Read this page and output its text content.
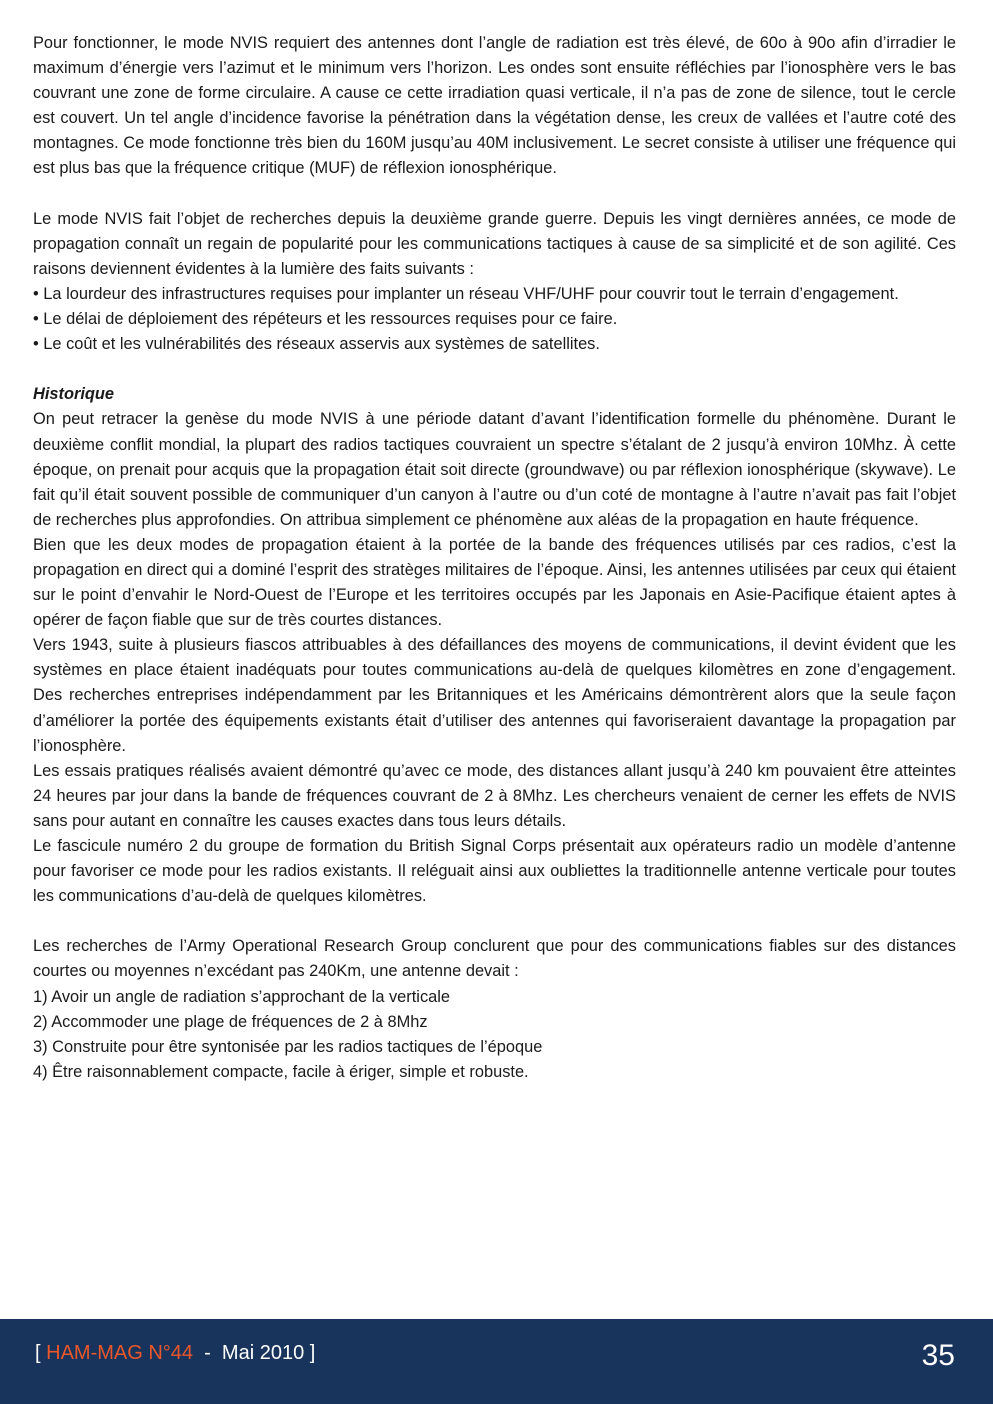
Pour fonctionner, le mode NVIS requiert des antennes dont l’angle de radiation est très élevé, de 60o à 90o afin d’irradier le maximum d’énergie vers l’azimut et le minimum vers l’horizon. Les ondes sont ensuite réfléchies par l’ionosphère vers le bas couvrant une zone de forme circulaire. A cause ce cette irradiation quasi verticale, il n’a pas de zone de silence, tout le cercle est couvert. Un tel angle d’incidence favorise la pénétration dans la végétation dense, les creux de vallées et l’autre coté des montagnes. Ce mode fonctionne très bien du 160M jusqu’au 40M inclusivement. Le secret consiste à utiliser une fréquence qui est plus bas que la fréquence critique (MUF) de réflexion ionosphérique.

Le mode NVIS fait l’objet de recherches depuis la deuxième grande guerre. Depuis les vingt dernières années, ce mode de propagation connaît un regain de popularité pour les communications tactiques à cause de sa simplicité et de son agilité. Ces raisons deviennent évidentes à la lumière des faits suivants :

• La lourdeur des infrastructures requises pour implanter un réseau VHF/UHF pour couvrir tout le terrain d’engagement.

• Le délai de déploiement des répéteurs et les ressources requises pour ce faire.

• Le coût et les vulnérabilités des réseaux asservis aux systèmes de satellites.

Historique

On peut retracer la genèse du mode NVIS à une période datant d’avant l’identification formelle du phénomène. Durant le deuxième conflit mondial, la plupart des radios tactiques couvraient un spectre s’étalant de 2 jusqu’à environ 10Mhz. À cette époque, on prenait pour acquis que la propagation était soit directe (groundwave) ou par réflexion ionosphérique (skywave). Le fait qu’il était souvent possible de communiquer d’un canyon à l’autre ou d’un coté de montagne à l’autre n’avait pas fait l’objet de recherches plus approfondies. On attribua simplement ce phénomène aux aléas de la propagation en haute fréquence.

Bien que les deux modes de propagation étaient à la portée de la bande des fréquences utilisés par ces radios, c’est la propagation en direct qui a dominé l’esprit des stratèges militaires de l’époque. Ainsi, les antennes utilisées par ceux qui étaient sur le point d’envahir le Nord-Ouest de l’Europe et les territoires occupés par les Japonais en Asie-Pacifique étaient aptes à opérer de façon fiable que sur de très courtes distances.

Vers 1943, suite à plusieurs fiascos attribuables à des défaillances des moyens de communications, il devint évident que les systèmes en place étaient inadéquats pour toutes communications au-delà de quelques kilomètres en zone d’engagement. Des recherches entreprises indépendamment par les Britanniques et les Américains démontrèrent alors que la seule façon d’améliorer la portée des équipements existants était d’utiliser des antennes qui favoriseraient davantage la propagation par l’ionosphère.

Les essais pratiques réalisés avaient démontré qu’avec ce mode, des distances allant jusqu’à 240 km pouvaient être atteintes 24 heures par jour dans la bande de fréquences couvrant de 2 à 8Mhz. Les chercheurs venaient de cerner les effets de NVIS sans pour autant en connaître les causes exactes dans tous leurs détails.

Le fascicule numéro 2 du groupe de formation du British Signal Corps présentait aux opérateurs radio un modèle d’antenne pour favoriser ce mode pour les radios existants. Il reléguait ainsi aux oubliettes la traditionnelle antenne verticale pour toutes les communications d’au-delà de quelques kilomètres.

Les recherches de l’Army Operational Research Group conclurent que pour des communications fiables sur des distances courtes ou moyennes n’excédant pas 240Km, une antenne devait :

1) Avoir un angle de radiation s’approchant de la verticale

2) Accommoder une plage de fréquences de 2 à 8Mhz

3) Construite pour être syntonisée par les radios tactiques de l’époque

4) Être raisonnablement compacte, facile à ériger, simple et robuste.

[ HAM-MAG N°44  -  Mai 2010 ]	35
